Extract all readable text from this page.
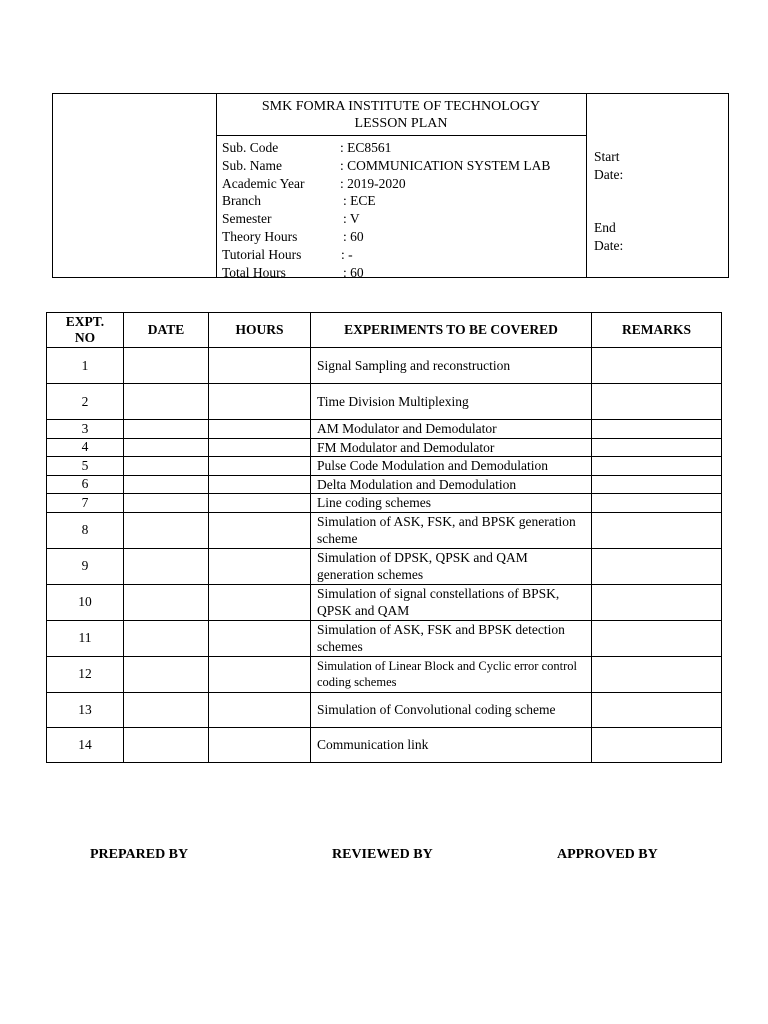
SMK FOMRA INSTITUTE OF TECHNOLOGY
LESSON PLAN
Sub. Code	: EC8561
Sub. Name	: COMMUNICATION SYSTEM LAB
Academic Year	: 2019-2020
Branch	: ECE
Semester	: V
Theory Hours	: 60
Tutorial Hours	: -
Total Hours	: 60
Start
Date:
End
Date:
EXPT.
NO	DATE	HOURS	EXPERIMENTS TO BE COVERED	REMARKS
1			Signal Sampling and reconstruction	
2			Time Division Multiplexing	
3			AM Modulator and Demodulator	
4			FM Modulator and Demodulator	
5			Pulse Code Modulation and Demodulation	
6			Delta Modulation and Demodulation	
7			Line coding schemes	
8			Simulation of ASK, FSK, and BPSK generation scheme	
9			Simulation of DPSK, QPSK and QAM generation schemes	
10			Simulation of signal constellations of BPSK, QPSK and QAM	
11			Simulation of ASK, FSK and BPSK detection schemes	
12			Simulation of Linear Block and Cyclic error control coding schemes	
13			Simulation of Convolutional coding scheme	
14			Communication link	
PREPARED BY	REVIEWED BY	APPROVED BY
